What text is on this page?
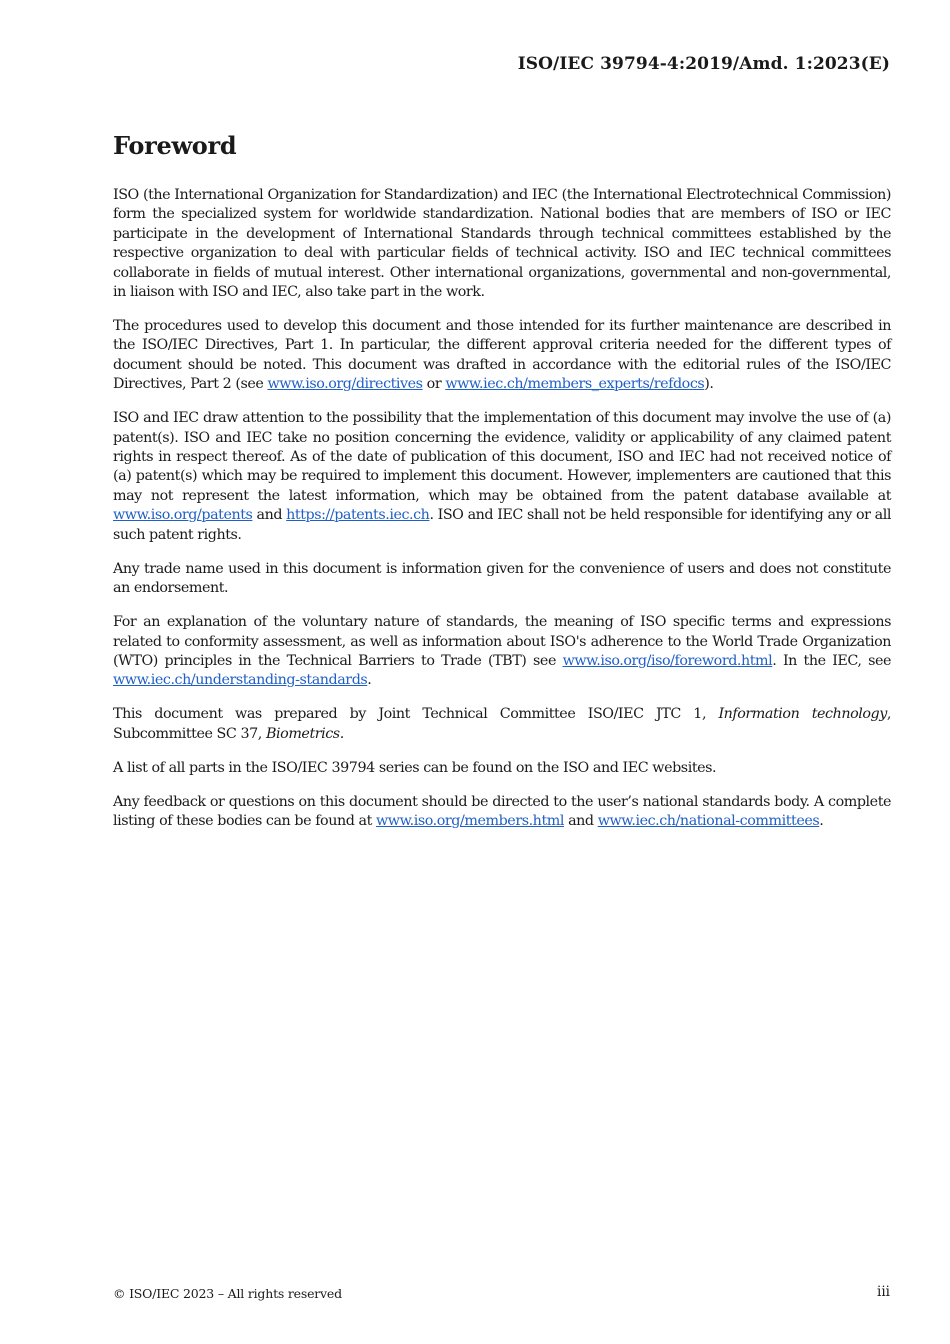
ISO/IEC 39794-4:2019/Amd. 1:2023(E)
Foreword

ISO (the International Organization for Standardization) and IEC (the International Electrotechnical Commission) form the specialized system for worldwide standardization. National bodies that are members of ISO or IEC participate in the development of International Standards through technical committees established by the respective organization to deal with particular fields of technical activity. ISO and IEC technical committees collaborate in fields of mutual interest. Other international organizations, governmental and non-governmental, in liaison with ISO and IEC, also take part in the work.

The procedures used to develop this document and those intended for its further maintenance are described in the ISO/IEC Directives, Part 1. In particular, the different approval criteria needed for the different types of document should be noted. This document was drafted in accordance with the editorial rules of the ISO/IEC Directives, Part 2 (see www.iso.org/directives or www.iec.ch/members_experts/refdocs).

ISO and IEC draw attention to the possibility that the implementation of this document may involve the use of (a) patent(s). ISO and IEC take no position concerning the evidence, validity or applicability of any claimed patent rights in respect thereof. As of the date of publication of this document, ISO and IEC had not received notice of (a) patent(s) which may be required to implement this document. However, implementers are cautioned that this may not represent the latest information, which may be obtained from the patent database available at www.iso.org/patents and https://patents.iec.ch. ISO and IEC shall not be held responsible for identifying any or all such patent rights.

Any trade name used in this document is information given for the convenience of users and does not constitute an endorsement.

For an explanation of the voluntary nature of standards, the meaning of ISO specific terms and expressions related to conformity assessment, as well as information about ISO's adherence to the World Trade Organization (WTO) principles in the Technical Barriers to Trade (TBT) see www.iso.org/iso/foreword.html. In the IEC, see www.iec.ch/understanding-standards.

This document was prepared by Joint Technical Committee ISO/IEC JTC 1, Information technology, Subcommittee SC 37, Biometrics.

A list of all parts in the ISO/IEC 39794 series can be found on the ISO and IEC websites.

Any feedback or questions on this document should be directed to the user’s national standards body. A complete listing of these bodies can be found at www.iso.org/members.html and www.iec.ch/national-committees.

© ISO/IEC 2023 – All rights reserved	iii
